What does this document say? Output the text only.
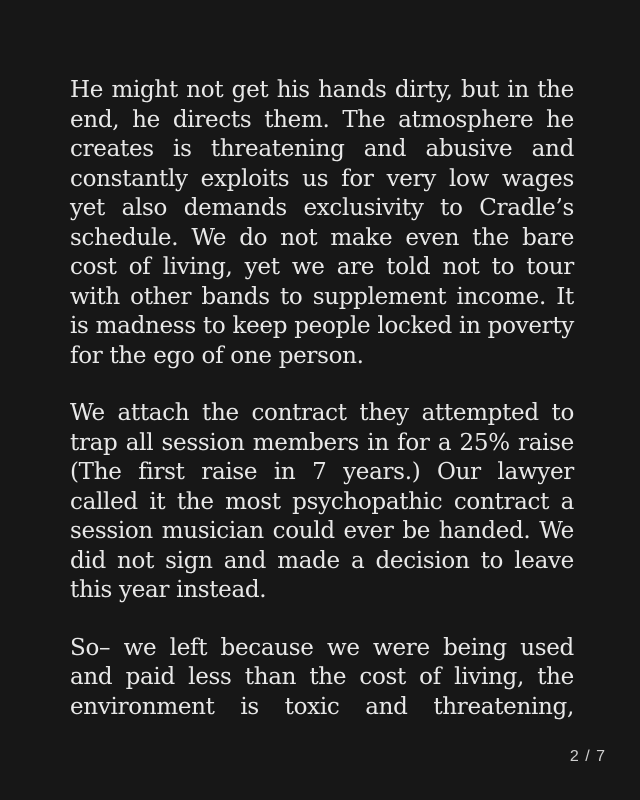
He might not get his hands dirty, but in the end, he directs them. The atmosphere he creates is threatening and abusive and constantly exploits us for very low wages yet also demands exclusivity to Cradle’s schedule. We do not make even the bare cost of living, yet we are told not to tour with other bands to supplement income. It is madness to keep people locked in poverty for the ego of one person.

We attach the contract they attempted to trap all session members in for a 25% raise (The first raise in 7 years.) Our lawyer called it the most psychopathic contract a session musician could ever be handed. We did not sign and made a decision to leave this year instead.

So– we left because we were being used and paid less than the cost of living, the environment is toxic and threatening,

2 / 7
